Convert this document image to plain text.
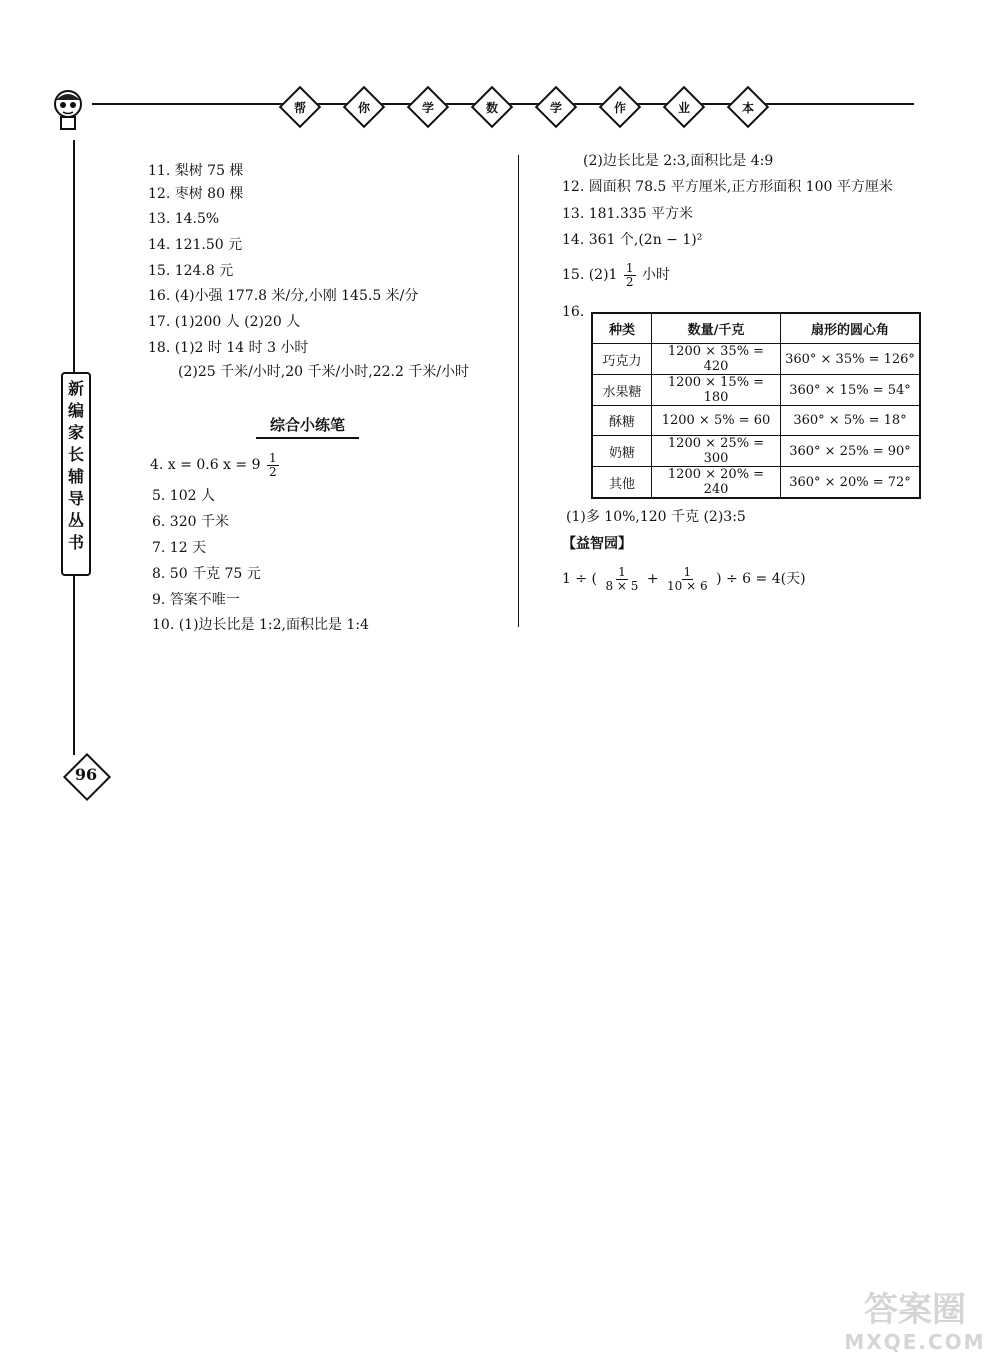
帮	你	学	数	学	作	业	本
新
编
家
长
辅
导
丛
书
96
11. 梨树 75 棵
12. 枣树 80 棵
13. 14.5%
14. 121.50 元
15. 124.8 元
16. (4)小强 177.8 米/分,小刚 145.5 米/分
17. (1)200 人 (2)20 人
18. (1)2 时 14 时 3 小时
(2)25 千米/小时,20 千米/小时,22.2 千米/小时
综合小练笔
4. x = 0.6 $x = 9 \frac{1}{2}$
5. 102 人
6. 320 千米
7. 12 天
8. 50 千克 75 元
9. 答案不唯一
10. (1)边长比是 1:2,面积比是 1:4
(2)边长比是 2:3,面积比是 4:9
12. 圆面积 78.5 平方厘米,正方形面积 100 平方厘米
13. 181.335 平方米
14. 361 个,(2n − 1)²
15. $(2)1 \frac{1}{2}$ 小时
16.
种类	数量/千克	扇形的圆心角
巧克力	1200 × 35% = 420	360° × 35% = 126°
水果糖	1200 × 15% = 180	360° × 15% = 54°
酥糖	1200 × 5% = 60	360° × 5% = 18°
奶糖	1200 × 25% = 300	360° × 25% = 90°
其他	1200 × 20% = 240	360° × 20% = 72°
(1)多 10%,120 千克 (2)3:5
【益智园】
1 ÷ ( $\frac{1}{8 \times 5} + \frac{1}{10 \times 6}$ ) ÷ 6 = 4(天)
答案圈
MXQE.COM
